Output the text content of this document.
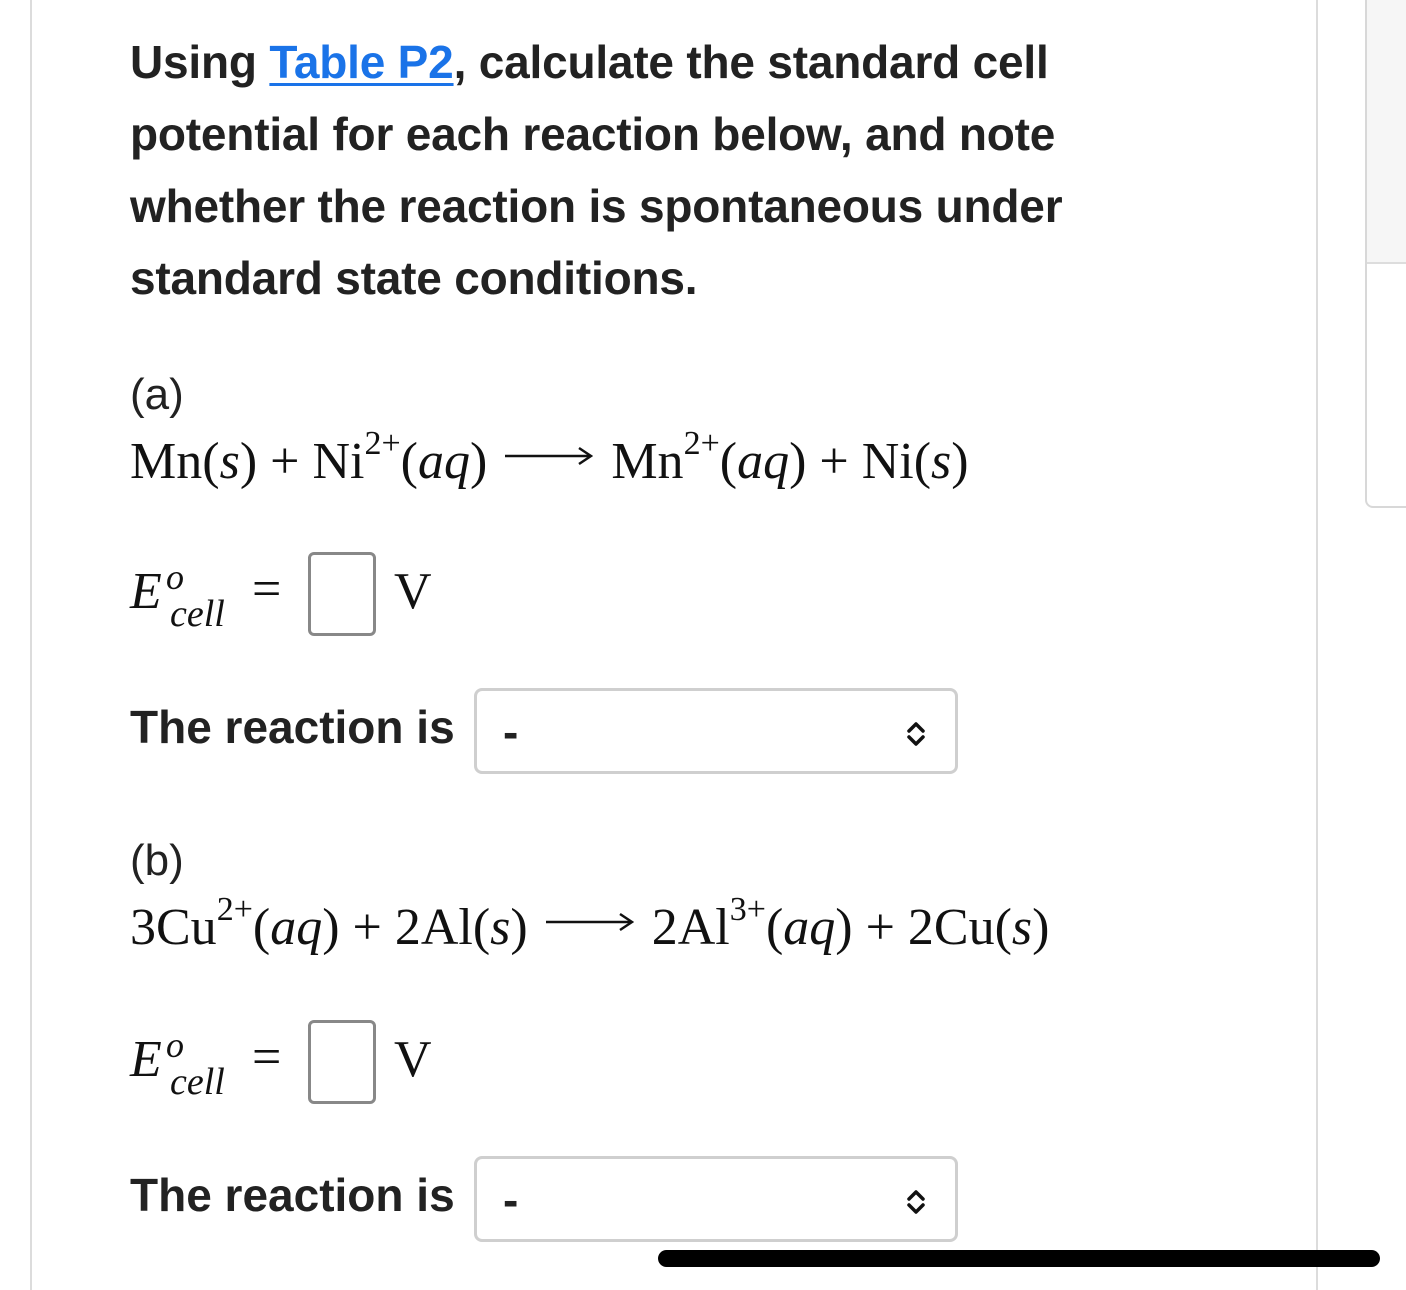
Using Table P2, calculate the standard cell potential for each reaction below, and note whether the reaction is spontaneous under standard state conditions.
(a)
$Mn(s) + Ni^{2+}(aq) \to Mn^{2+}(aq) + Ni(s)$
E o
cell = V
The reaction is -
(b)
$3Cu^{2+}(aq) + 2Al(s) \to 2Al^{3+}(aq) + 2Cu(s)$
E o
cell = V
The reaction is -
